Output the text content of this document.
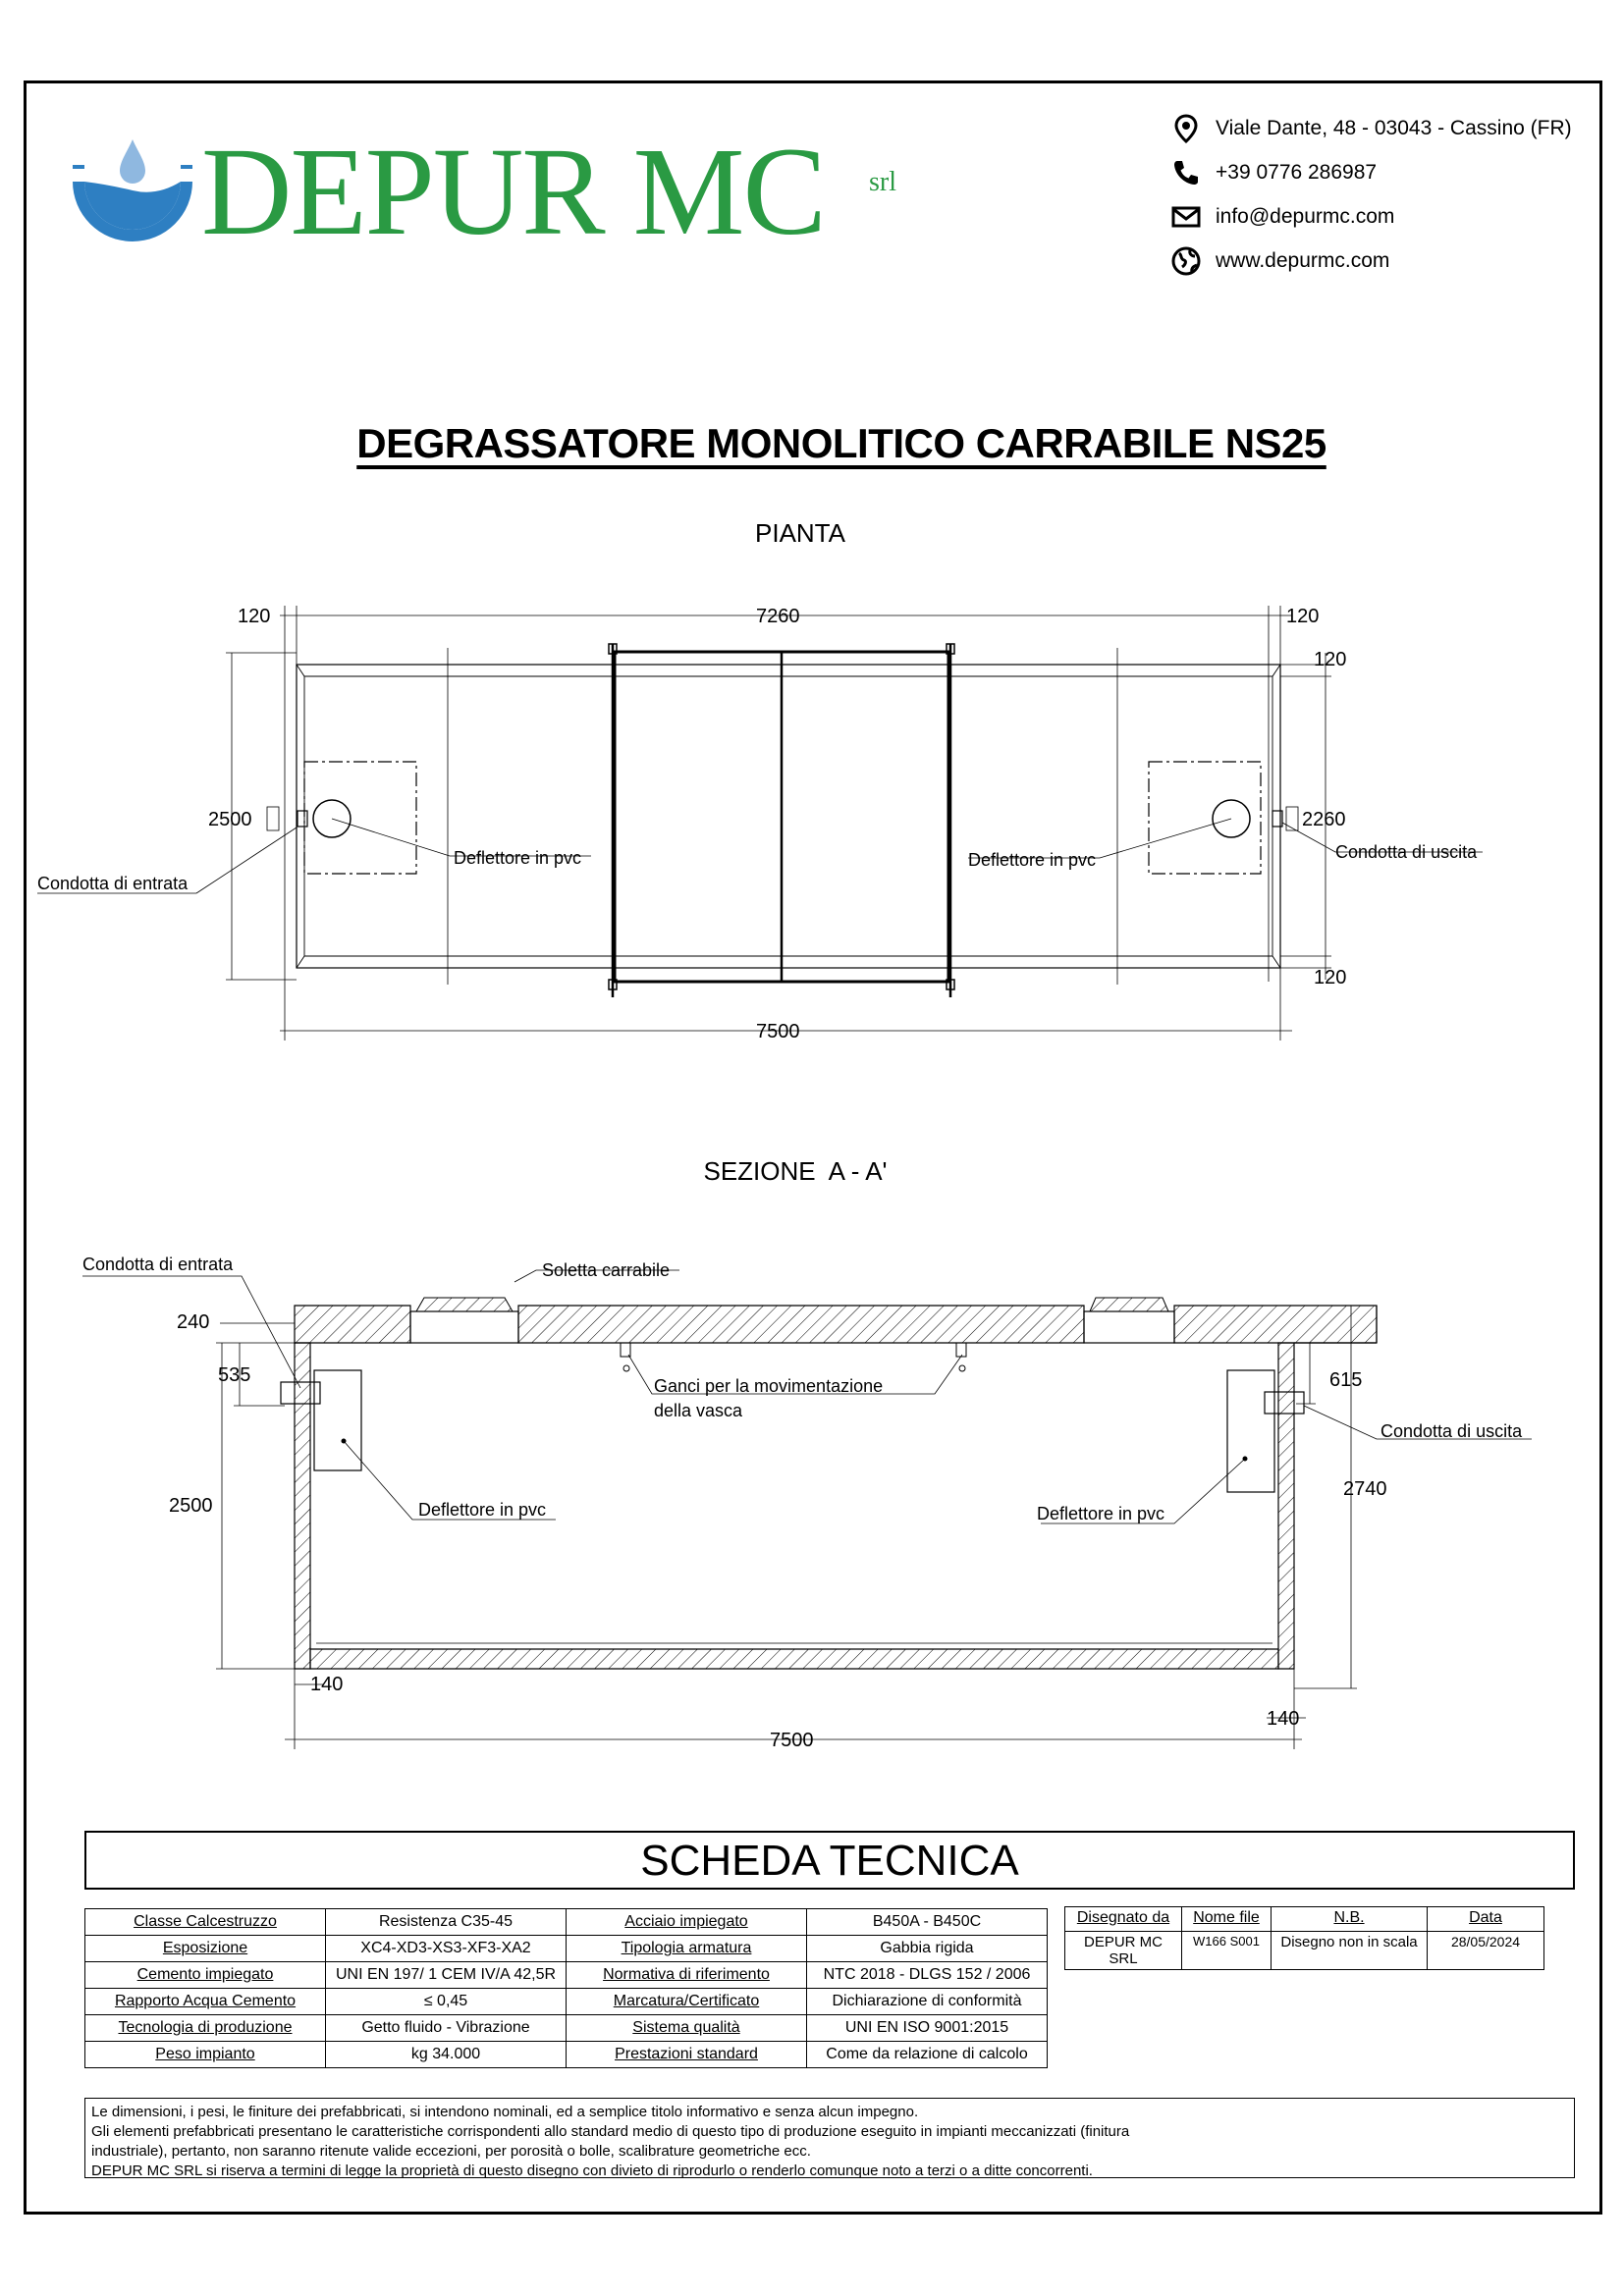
DEPUR MC srl
Viale Dante, 48 - 03043 - Cassino (FR)
+39 0776 286987
info@depurmc.com
www.depurmc.com
DEGRASSATORE MONOLITICO CARRABILE NS25
PIANTA
SEZIONE  A - A'
120	7260	120
120
2500	2260
120
7500
Condotta di entrata
Deflettore in pvc	Deflettore in pvc	Condotta di uscita
240
535
2500
615
2740
140
140
7500
Condotta di entrata	Soletta carrabile
Ganci per la movimentazione
della vasca
Condotta di uscita
Deflettore in pvc	Deflettore in pvc
SCHEDA TECNICA
Classe Calcestruzzo	Resistenza C35-45	Acciaio impiegato	B450A - B450C
Esposizione	XC4-XD3-XS3-XF3-XA2	Tipologia armatura	Gabbia rigida
Cemento impiegato	UNI EN 197/ 1 CEM IV/A 42,5R	Normativa di riferimento	NTC 2018 - DLGS 152 / 2006
Rapporto Acqua Cemento	≤ 0,45	Marcatura/Certificato	Dichiarazione di conformità
Tecnologia di produzione	Getto fluido - Vibrazione	Sistema qualità	UNI EN ISO 9001:2015
Peso impianto	kg 34.000	Prestazioni standard	Come da relazione di calcolo
Disegnato da	Nome file	N.B.	Data
DEPUR MC SRL	W166 S001	Disegno non in scala	28/05/2024
Le dimensioni, i pesi, le finiture dei prefabbricati, si intendono nominali, ed a semplice titolo informativo e senza alcun impegno.
Gli elementi prefabbricati presentano le caratteristiche corrispondenti allo standard medio di questo tipo di produzione eseguito in impianti meccanizzati (finitura
industriale), pertanto, non saranno ritenute valide eccezioni, per porosità o bolle, scalibrature geometriche ecc.
DEPUR MC SRL si riserva a termini di legge la proprietà di questo disegno con divieto di riprodurlo o renderlo comunque noto a terzi o a ditte concorrenti.
